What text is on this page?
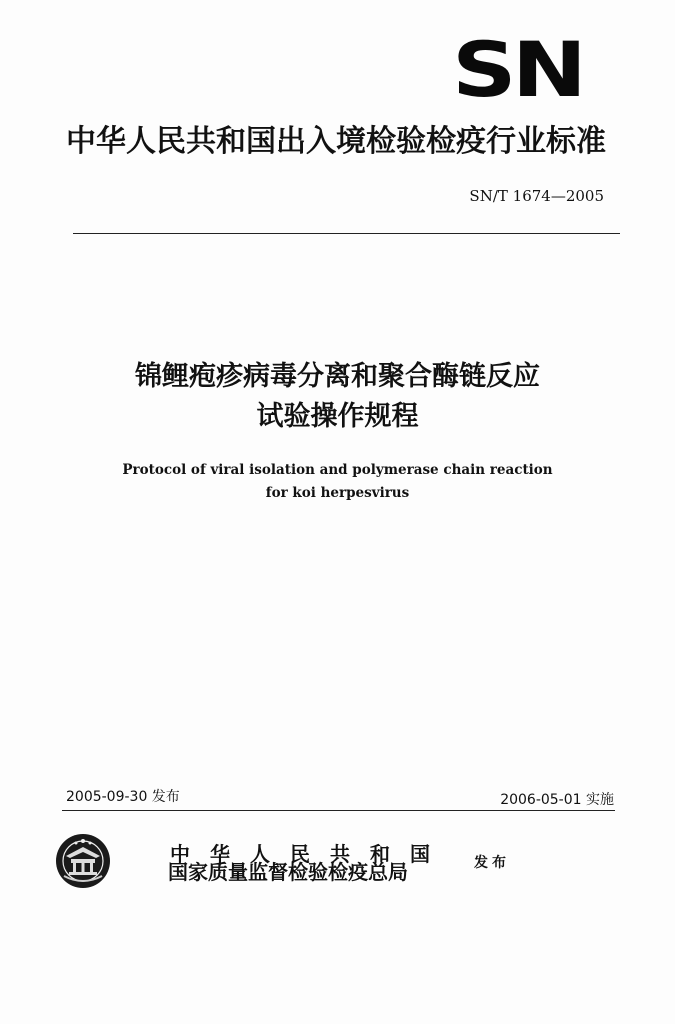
SN
中华人民共和国出入境检验检疫行业标准
SN/T 1674—2005
锦鲤疱疹病毒分离和聚合酶链反应
试验操作规程
Protocol of viral isolation and polymerase chain reaction
for koi herpesvirus
2005-09-30 发布	2006-05-01 实施
中华人民共和国
国家质量监督检验检疫总局	发布
